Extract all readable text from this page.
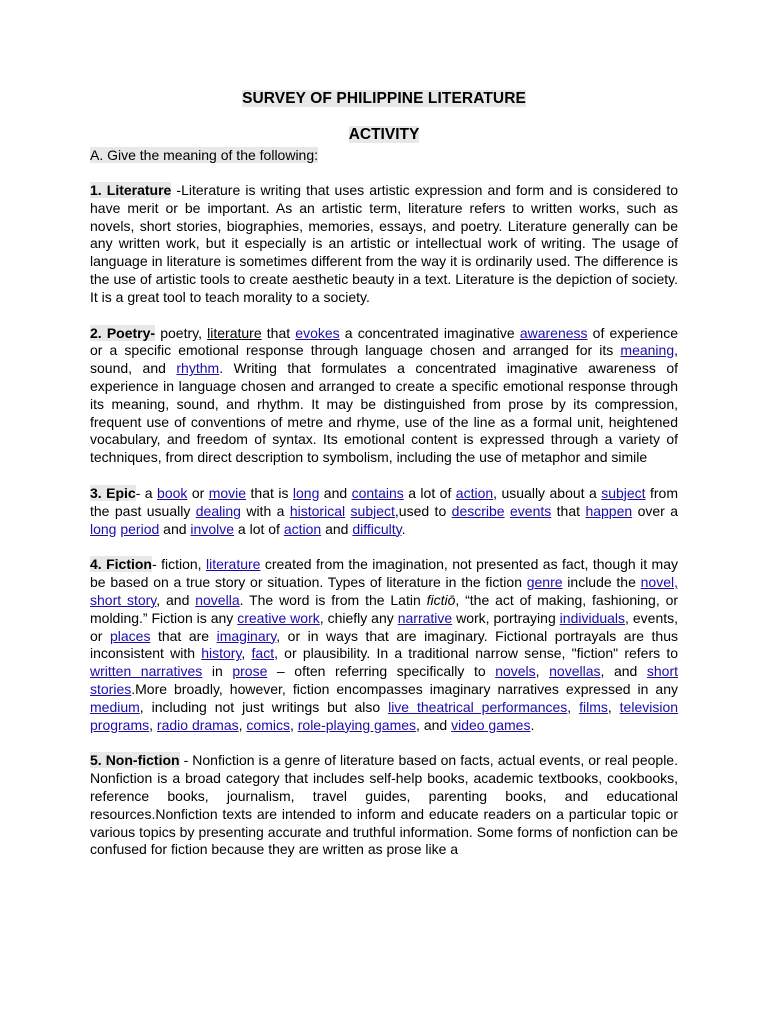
SURVEY OF PHILIPPINE LITERATURE
ACTIVITY
A. Give the meaning of the following:

1. Literature -Literature is writing that uses artistic expression and form and is considered to have merit or be important. As an artistic term, literature refers to written works, such as novels, short stories, biographies, memories, essays, and poetry. Literature generally can be any written work, but it especially is an artistic or intellectual work of writing. The usage of language in literature is sometimes different from the way it is ordinarily used. The difference is the use of artistic tools to create aesthetic beauty in a text. Literature is the depiction of society. It is a great tool to teach morality to a society.

2. Poetry- poetry, literature that evokes a concentrated imaginative awareness of experience or a specific emotional response through language chosen and arranged for its meaning, sound, and rhythm. Writing that formulates a concentrated imaginative awareness of experience in language chosen and arranged to create a specific emotional response through its meaning, sound, and rhythm. It may be distinguished from prose by its compression, frequent use of conventions of metre and rhyme, use of the line as a formal unit, heightened vocabulary, and freedom of syntax. Its emotional content is expressed through a variety of techniques, from direct description to symbolism, including the use of metaphor and simile

3. Epic- a book or movie that is long and contains a lot of action, usually about a subject from the past usually dealing with a historical subject,used to describe events that happen over a long period and involve a lot of action and difficulty.

4. Fiction- fiction, literature created from the imagination, not presented as fact, though it may be based on a true story or situation. Types of literature in the fiction genre include the novel, short story, and novella. The word is from the Latin fictiō, “the act of making, fashioning, or molding.” Fiction is any creative work, chiefly any narrative work, portraying individuals, events, or places that are imaginary, or in ways that are imaginary. Fictional portrayals are thus inconsistent with history, fact, or plausibility. In a traditional narrow sense, "fiction" refers to written narratives in prose – often referring specifically to novels, novellas, and short stories.More broadly, however, fiction encompasses imaginary narratives expressed in any medium, including not just writings but also live theatrical performances, films, television programs, radio dramas, comics, role-playing games, and video games.

5. Non-fiction - Nonfiction is a genre of literature based on facts, actual events, or real people. Nonfiction is a broad category that includes self-help books, academic textbooks, cookbooks, reference books, journalism, travel guides, parenting books, and educational resources.Nonfiction texts are intended to inform and educate readers on a particular topic or various topics by presenting accurate and truthful information. Some forms of nonfiction can be confused for fiction because they are written as prose like a
